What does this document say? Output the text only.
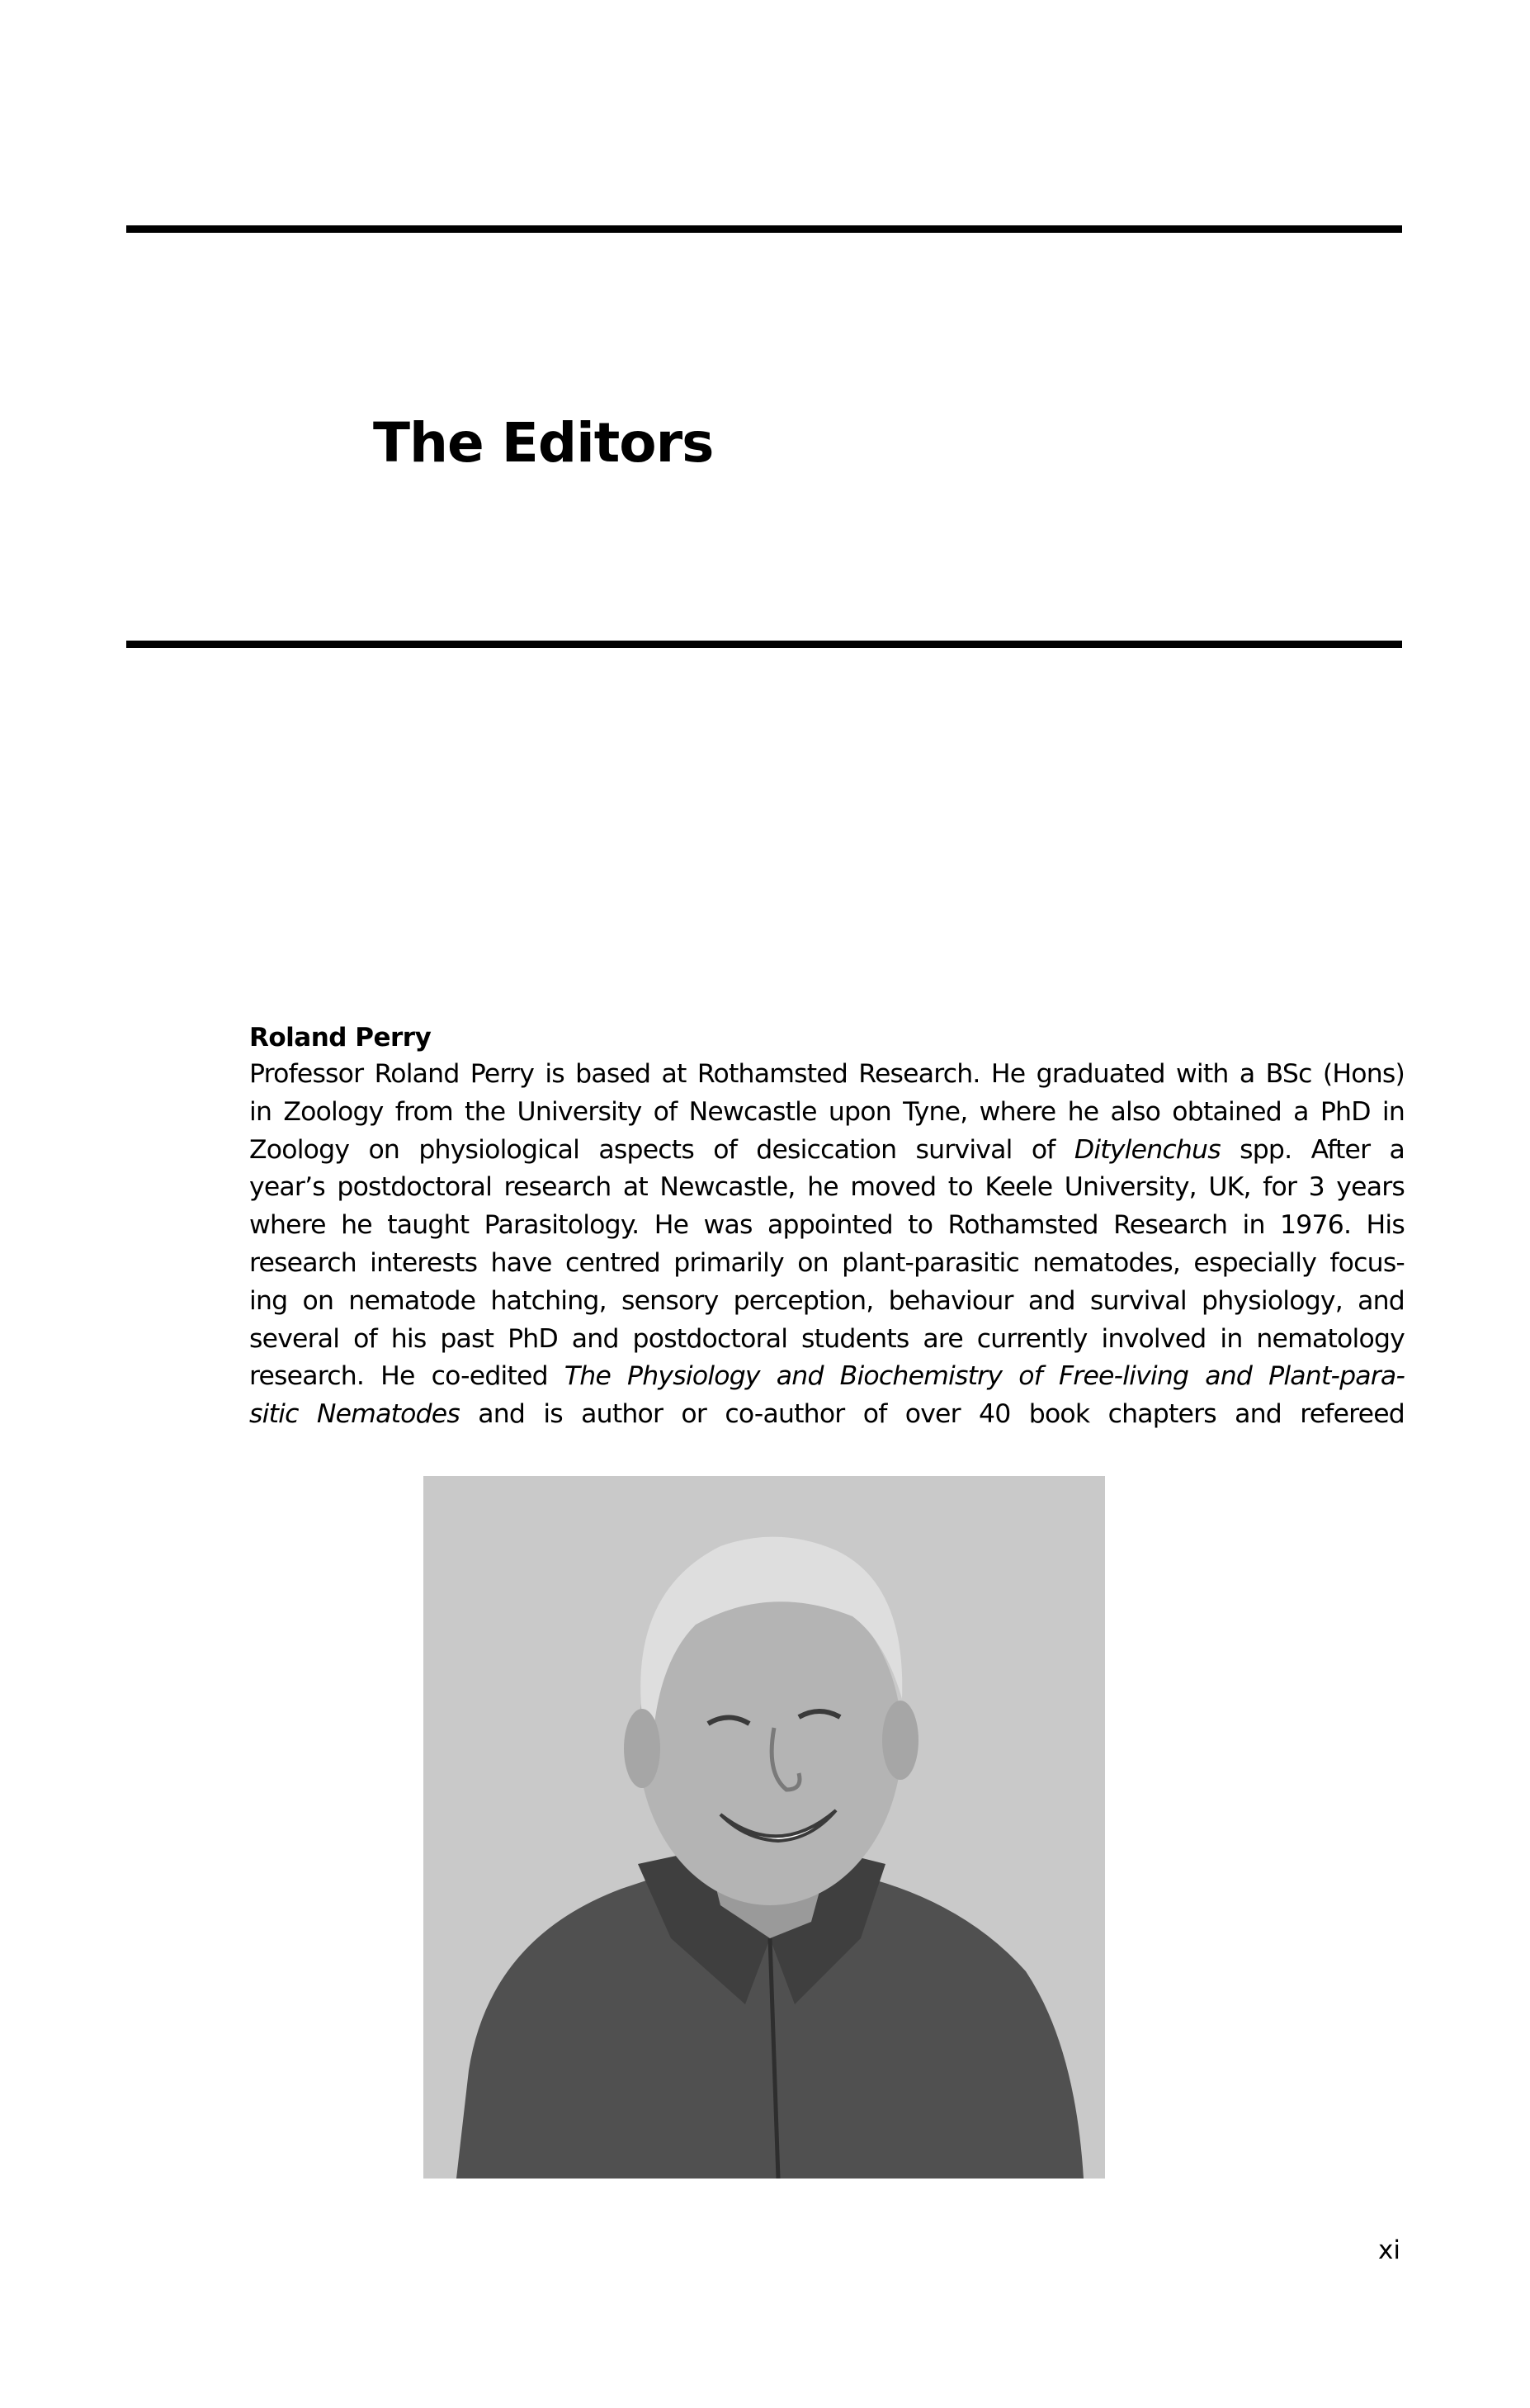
The Editors
Roland Perry
Professor Roland Perry is based at Rothamsted Research. He graduated with a BSc (Hons)
in Zoology from the University of Newcastle upon Tyne, where he also obtained a PhD in
Zoology on physiological aspects of desiccation survival of Ditylenchus spp. After a
year’s postdoctoral research at Newcastle, he moved to Keele University, UK, for 3 years
where he taught Parasitology. He was appointed to Rothamsted Research in 1976. His
research interests have centred primarily on plant-parasitic nematodes, especially focus-
ing on nematode hatching, sensory perception, behaviour and survival physiology, and
several of his past PhD and postdoctoral students are currently involved in nematology
research. He co-edited The Physiology and Biochemistry of Free-living and Plant-para-
sitic Nematodes and is author or co-author of over 40 book chapters and refereed

xi
